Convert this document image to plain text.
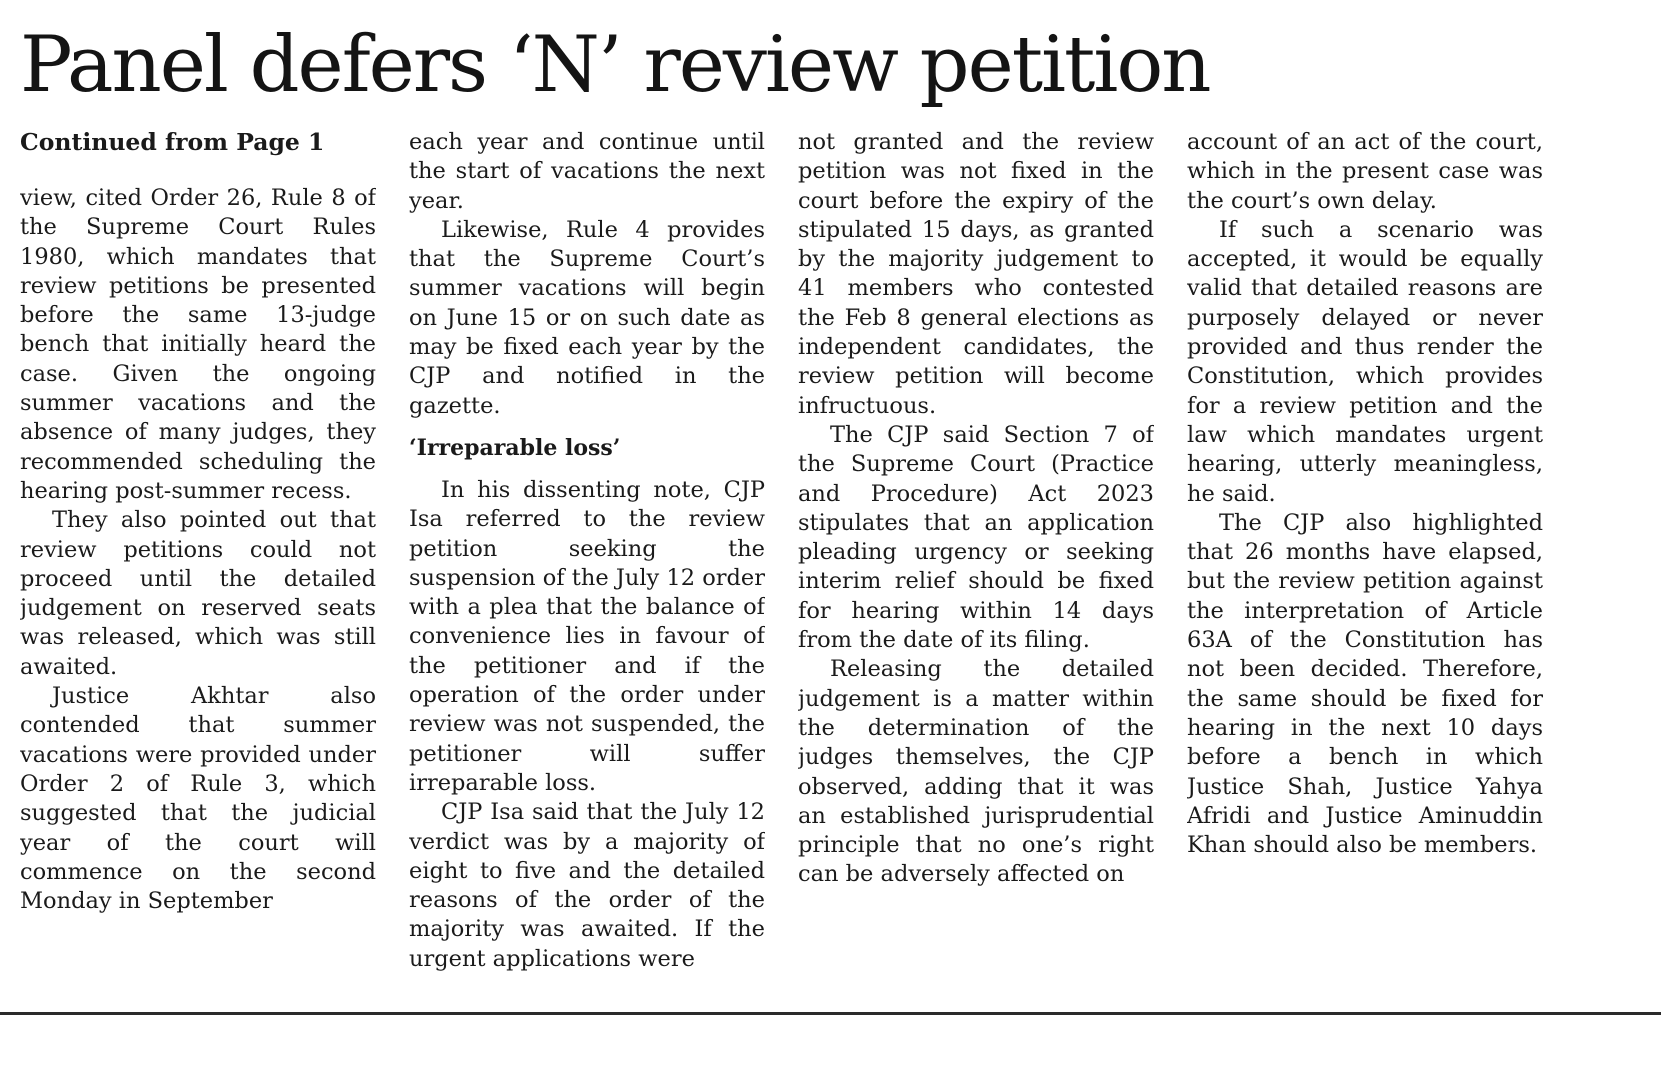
Panel defers ‘N’ review petition
Continued from Page 1

view, cited Order 26, Rule 8 of the Supreme Court Rules 1980, which mandates that review petitions be presented before the same 13-judge bench that initially heard the case. Given the ongoing summer vacations and the absence of many judges, they recommended scheduling the hearing post-summer recess.

They also pointed out that review petitions could not proceed until the detailed judgement on reserved seats was released, which was still awaited.

Justice Akhtar also contended that summer vacations were provided under Order 2 of Rule 3, which suggested that the judicial year of the court will commence on the second Monday in September

each year and continue until the start of vacations the next year.

Likewise, Rule 4 provides that the Supreme Court’s summer vacations will begin on June 15 or on such date as may be fixed each year by the CJP and notified in the gazette.

‘Irreparable loss’

In his dissenting note, CJP Isa referred to the review petition seeking the suspension of the July 12 order with a plea that the balance of convenience lies in favour of the petitioner and if the operation of the order under review was not suspended, the petitioner will suffer irreparable loss.

CJP Isa said that the July 12 verdict was by a majority of eight to five and the detailed reasons of the order of the majority was awaited. If the urgent applications were

not granted and the review petition was not fixed in the court before the expiry of the stipulated 15 days, as granted by the majority judgement to 41 members who contested the Feb 8 general elections as independent candidates, the review petition will become infructuous.

The CJP said Section 7 of the Supreme Court (Practice and Procedure) Act 2023 stipulates that an application pleading urgency or seeking interim relief should be fixed for hearing within 14 days from the date of its filing.

Releasing the detailed judgement is a matter within the determination of the judges themselves, the CJP observed, adding that it was an established jurisprudential principle that no one’s right can be adversely affected on

account of an act of the court, which in the present case was the court’s own delay.

If such a scenario was accepted, it would be equally valid that detailed reasons are purposely delayed or never provided and thus render the Constitution, which provides for a review petition and the law which mandates urgent hearing, utterly meaningless, he said.

The CJP also highlighted that 26 months have elapsed, but the review petition against the interpretation of Article 63A of the Constitution has not been decided. Therefore, the same should be fixed for hearing in the next 10 days before a bench in which Justice Shah, Justice Yahya Afridi and Justice Aminuddin Khan should also be members.
